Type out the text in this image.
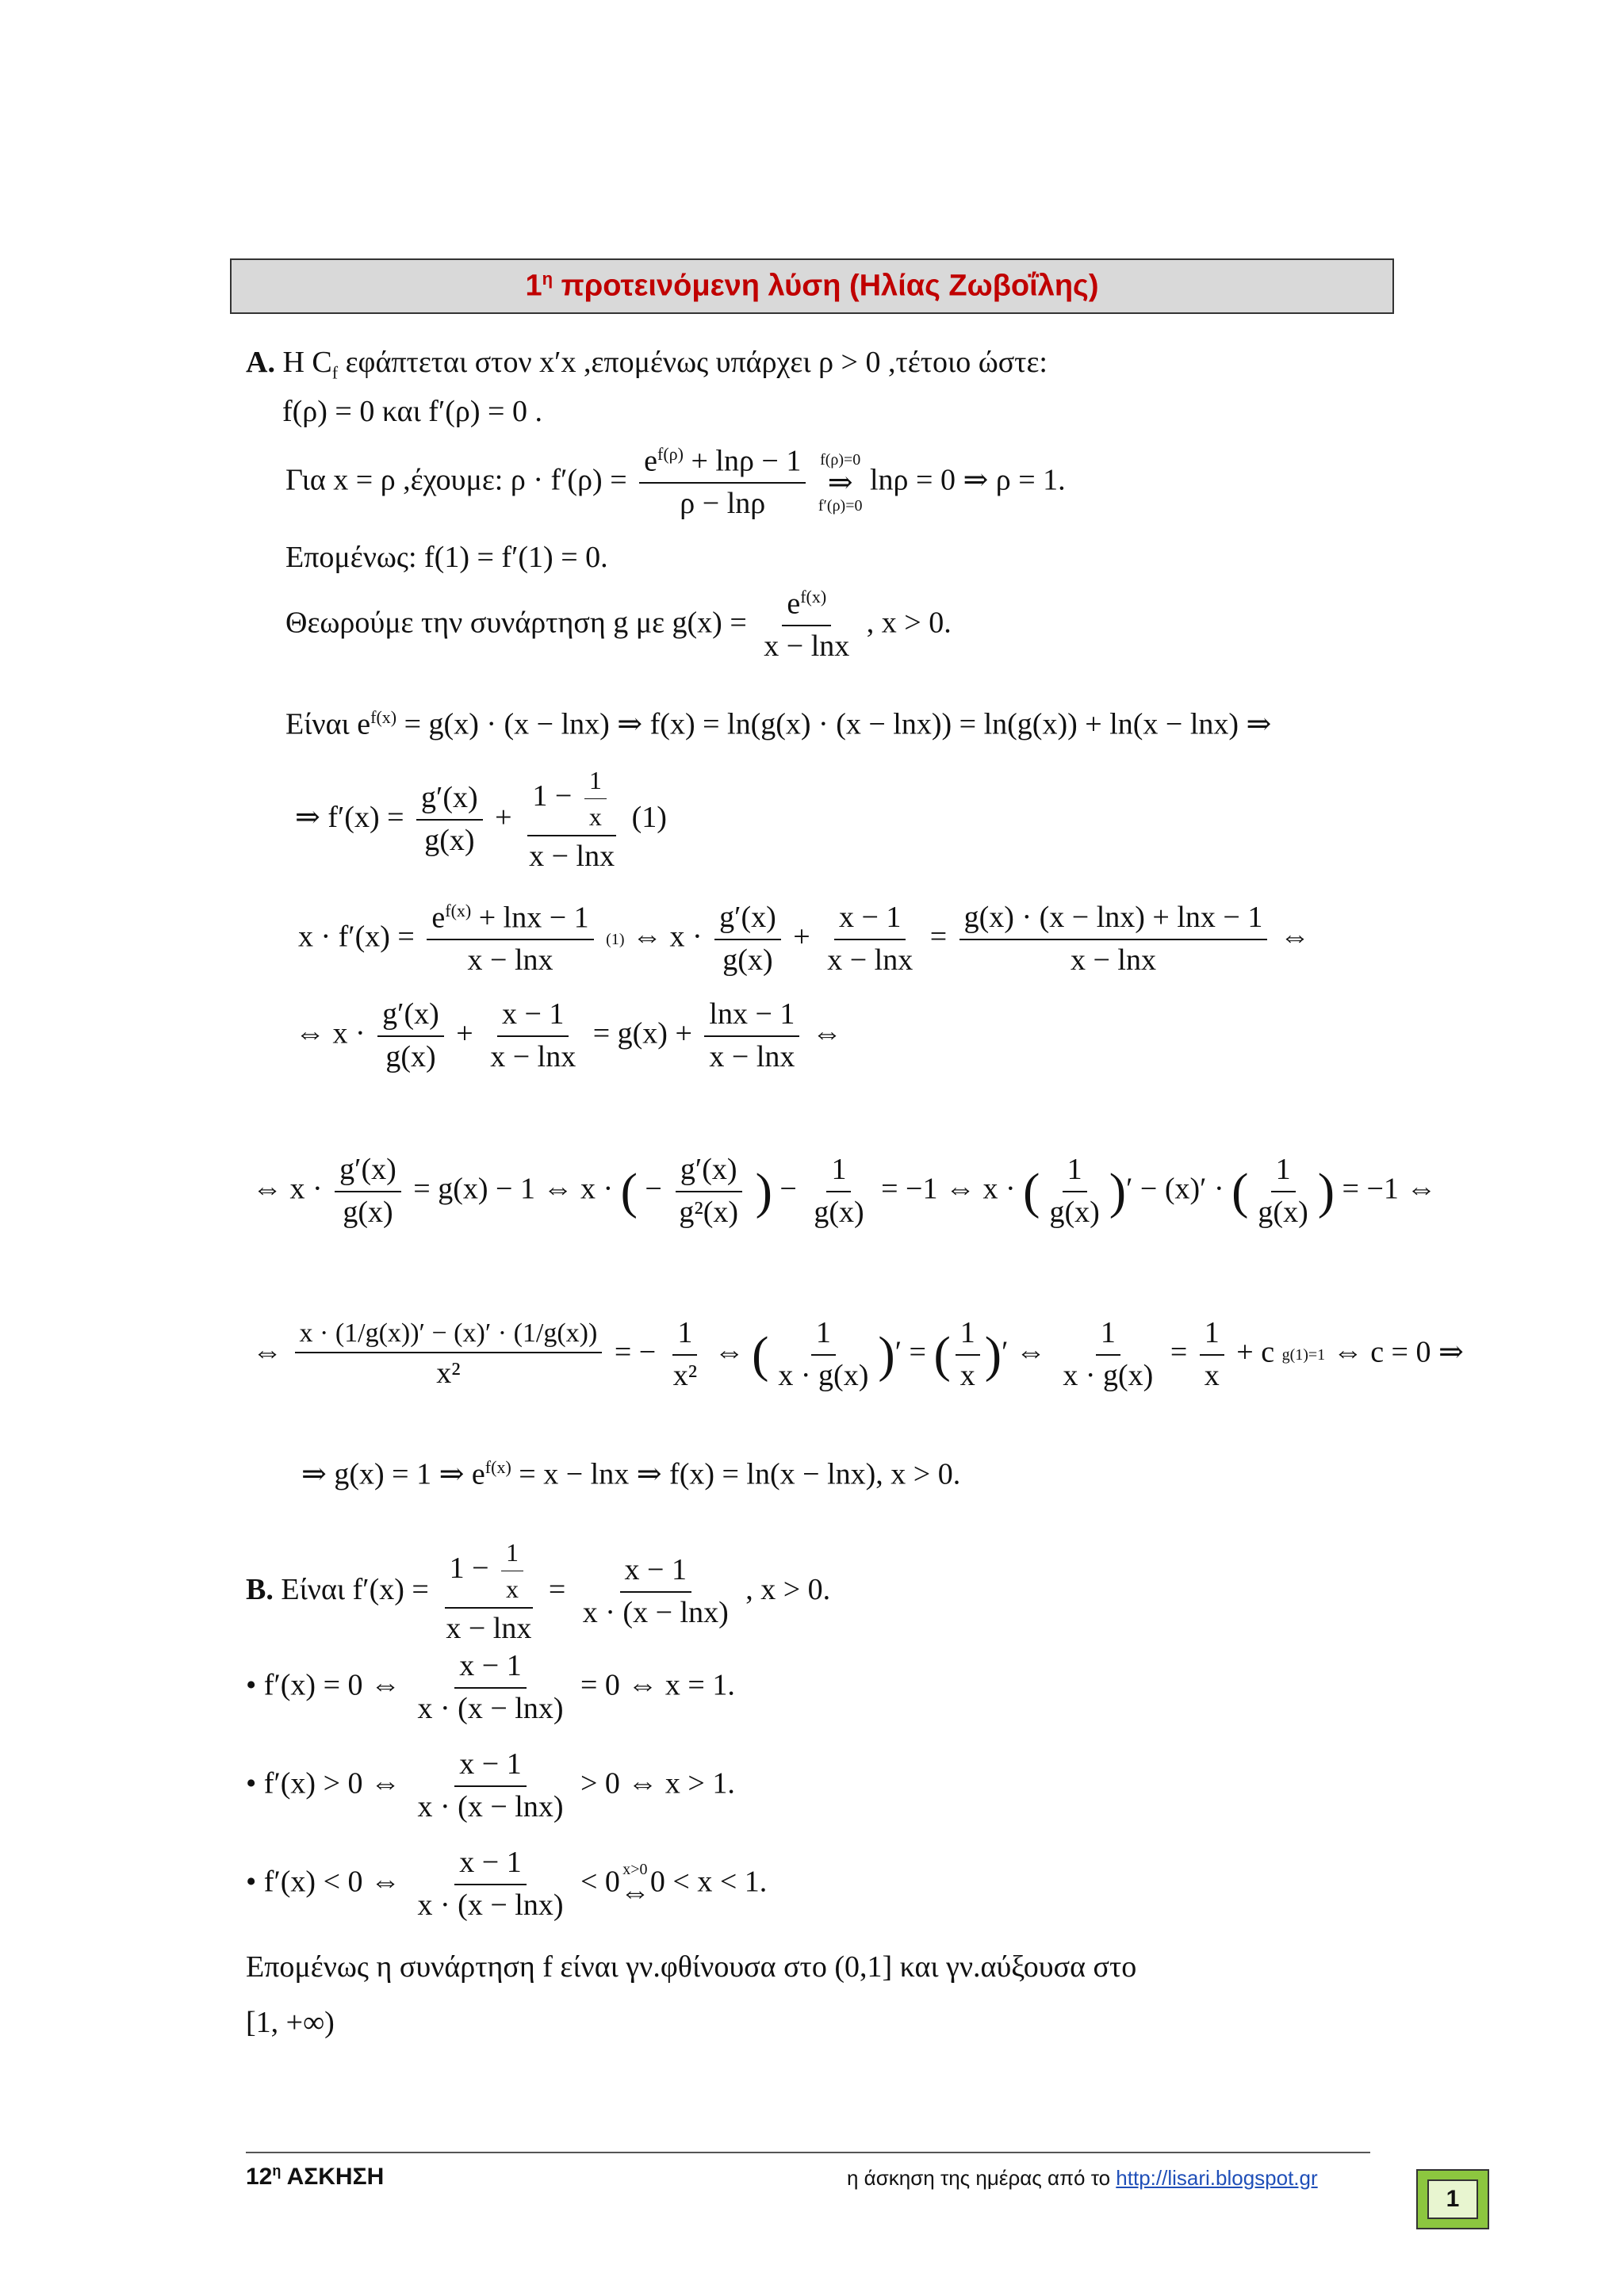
$1^\eta$ προτεινόμενη λύση (Ηλίας Ζωβοΐλης)
Α. Η $C_f$ εφάπτεται στον x′x ,επομένως υπάρχει ρ > 0 ,τέτοιο ώστε:
f(ρ) = 0 και f′(ρ) = 0 .
Για x = ρ ,έχουμε: $\rho \cdot f'(\rho) = \frac{e^{f(\rho)} + \ln\rho - 1}{\rho - \ln\rho}$
f(ρ)=0
⇒
f′(ρ)=0
lnρ = 0 ⇒ ρ = 1.
Επομένως: f(1) = f′(1) = 0.
Θεωρούμε την συνάρτηση g με $g(x) = \frac{e^{f(x)}}{x - \ln x}$ , x > 0.
Είναι $e^{f(x)} = g(x) \cdot (x - \ln x)$ ⇒ f(x) = ln(g(x) · (x − lnx)) = ln(g(x)) + ln(x − lnx) ⇒
⇒ $f'(x) = \frac{g'(x)}{g(x)} + \frac{1 - \frac{1}{x}}{x - \ln x} (1)$
$x \cdot f'(x) = \frac{e^{f(x)} + \ln x - 1}{x - \ln x}$
(1) ⇔ $x \cdot \frac{g'(x)}{g(x)} + \frac{x - 1}{x - \ln x} = \frac{g(x) \cdot (x - \ln x) + \ln x - 1}{x - \ln x}$ ⇔
⇔ $x \cdot \frac{g'(x)}{g(x)} + \frac{x - 1}{x - \ln x} = g(x) + \frac{\ln x - 1}{x - \ln x}$ ⇔
⇔ $x \cdot \frac{g'(x)}{g(x)} = g(x) - 1$ ⇔ x · ( − $\frac{g'(x)}{\text{g²(x)}}$ ) − $\frac{1}{g(x)} = -1$ ⇔ x · ( $\frac{1}{g(x)}$ )′ − (x)′ · ( $\frac{1}{g(x)}$ ) = −1 ⇔
⇔ $\frac{x \cdot (1/g(x))' - (x)' \cdot (1/g(x))}{\text{x²}}$ = − $\frac{1}{\text{x²}}$ ⇔ ( $\frac{1}{x \cdot g(x)}$ )′ = ( $\frac{1}{x}$ )′ ⇔ $\frac{1}{x \cdot g(x)} = \frac{1}{x} + c$ g(1)=1 ⇔ c = 0 ⇒
⇒ g(x) = 1 ⇒ $e^{f(x)} = x - \ln x$ ⇒ f(x) = ln(x − lnx), x > 0.
Β. Είναι $f'(x) = \frac{1 - \frac{1}{x}}{x - \ln x} = \frac{x - 1}{x \cdot (x - \ln x)}$ , x > 0.
• f′(x) = 0 ⇔ $\frac{x - 1}{x \cdot (x - \ln x)} = 0$ ⇔ x = 1.
• f′(x) > 0 ⇔ $\frac{x - 1}{x \cdot (x - \ln x)} > 0$ ⇔ x > 1.
• f′(x) < 0 ⇔ $\frac{x - 1}{x \cdot (x - \ln x)} < 0$ x>0
⇔ 0 < x < 1.
Επομένως η συνάρτηση f είναι γν.φθίνουσα στο (0,1] και γν.αύξουσα στο
[1, +∞)
$12^\eta$ ΑΣΚΗΣΗ	η άσκηση της ημέρας από το http://lisari.blogspot.gr
1
